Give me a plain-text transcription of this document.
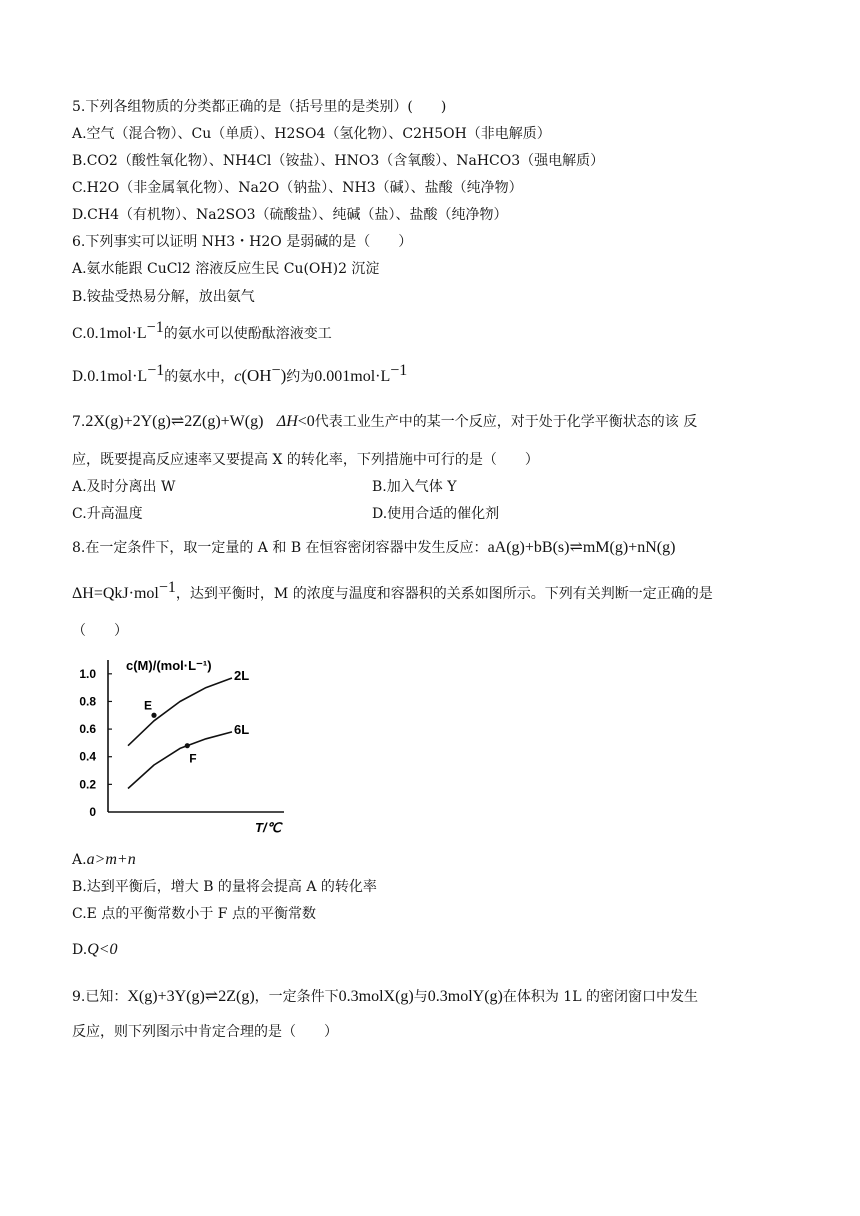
5.下列各组物质的分类都正确的是（括号里的是类别）(　　)
A.空气（混合物）、Cu（单质）、H2SO4（氢化物）、C2H5OH（非电解质）
B.CO2（酸性氧化物）、NH4Cl（铵盐）、HNO3（含氧酸）、NaHCO3（强电解质）
C.H2O（非金属氧化物）、Na2O（钠盐）、NH3（碱）、盐酸（纯净物）
D.CH4（有机物）、Na2SO3（硫酸盐）、纯碱（盐）、盐酸（纯净物）
6.下列事实可以证明 NH3・H2O 是弱碱的是（　　）
A.氨水能跟 CuCl2 溶液反应生民 Cu(OH)2 沉淀
B.铵盐受热易分解，放出氨气
$C.0.1mol\cdot L^{-1}$的氨水可以使酚酞溶液变工
$D.0.1mol\cdot L^{-1}$的氨水中，c(OH−)约为$0.001mol\cdot L^{-1}$
7.2X(g)+2Y(g)⇌2Z(g)+W(g) ΔH<0代表工业生产中的某一个反应，对于处于化学平衡状态的该 反
应，既要提高反应速率又要提高 X 的转化率，下列措施中可行的是（　　）
A.及时分离出 W	B.加入气体 Y
C.升高温度	D.使用合适的催化剂
8.在一定条件下，取一定量的 A 和 B 在恒容密闭容器中发生反应：aA(g)+bB(s)⇌mM(g)+nN(g)
ΔH=QkJ·mol$^{-1}$，达到平衡时，M 的浓度与温度和容器积的关系如图所示。下列有关判断一定正确的是
（　　）
c(M)/(mol·L⁻¹)
1.0
0.8
0.6
0.4
0.2
0
2L
6L
E
F
T/℃
A.a>m+n
B.达到平衡后，增大 B 的量将会提高 A 的转化率
C.E 点的平衡常数小于 F 点的平衡常数
D.Q<0
9.已知：X(g)+3Y(g)⇌2Z(g)，一定条件下0.3molX(g)与0.3molY(g)在体积为 1L 的密闭窗口中发生
反应，则下列图示中肯定合理的是（　　）
